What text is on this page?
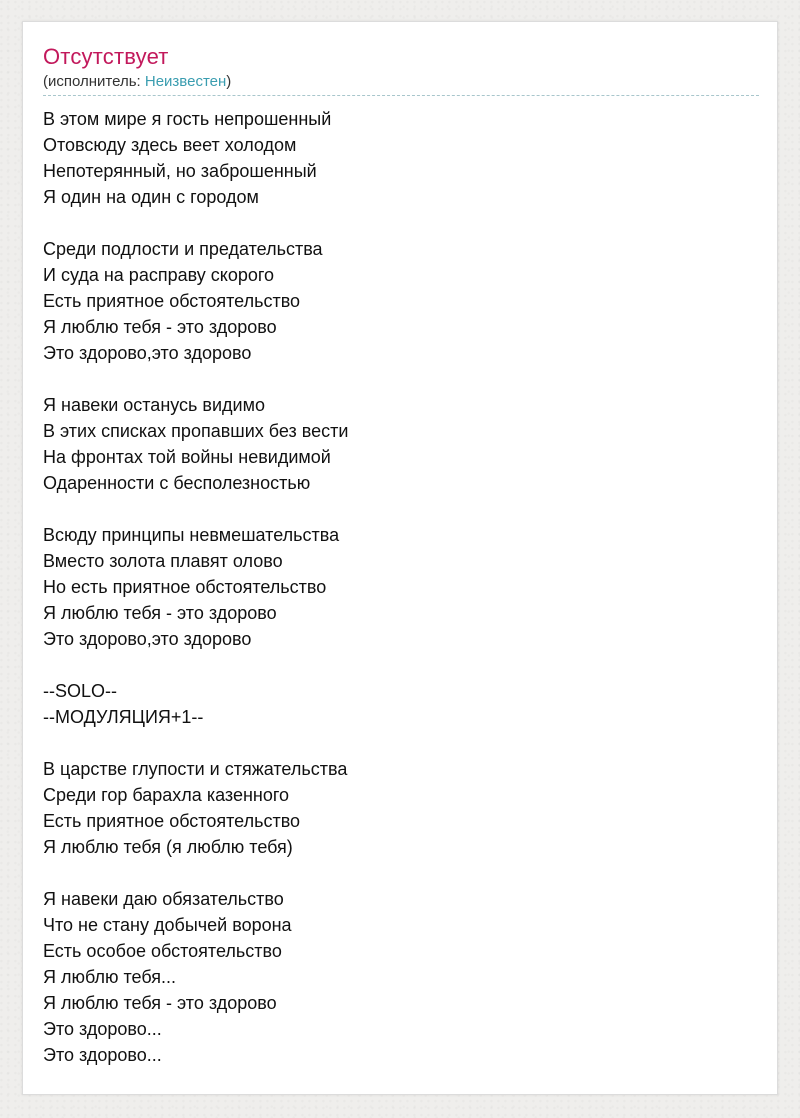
Отсутствует
(исполнитель: Неизвестен)
В этом мире я гость непрошенный
Отовсюду здесь веет холодом
Непотерянный, но заброшенный
Я один на один с городом
Среди подлости и предательства
И суда на расправу скорого
Есть приятное обстоятельство
Я люблю тебя - это здорово
Это здорово,это здорово
Я навеки останусь видимо
В этих списках пропавших без вести
На фронтах той войны невидимой
Одаренности с бесполезностью
Всюду принципы невмешательства
Вместо золота плавят олово
Но есть приятное обстоятельство
Я люблю тебя - это здорово
Это здорово,это здорово
--SOLO--
--МОДУЛЯЦИЯ+1--
В царстве глупости и стяжательства
Среди гор барахла казенного
Есть приятное обстоятельство
Я люблю тебя (я люблю тебя)
Я навеки даю обязательство
Что не стану добычей ворона
Есть особое обстоятельство
Я люблю тебя...
Я люблю тебя - это здорово
Это здорово...
Это здорово...
